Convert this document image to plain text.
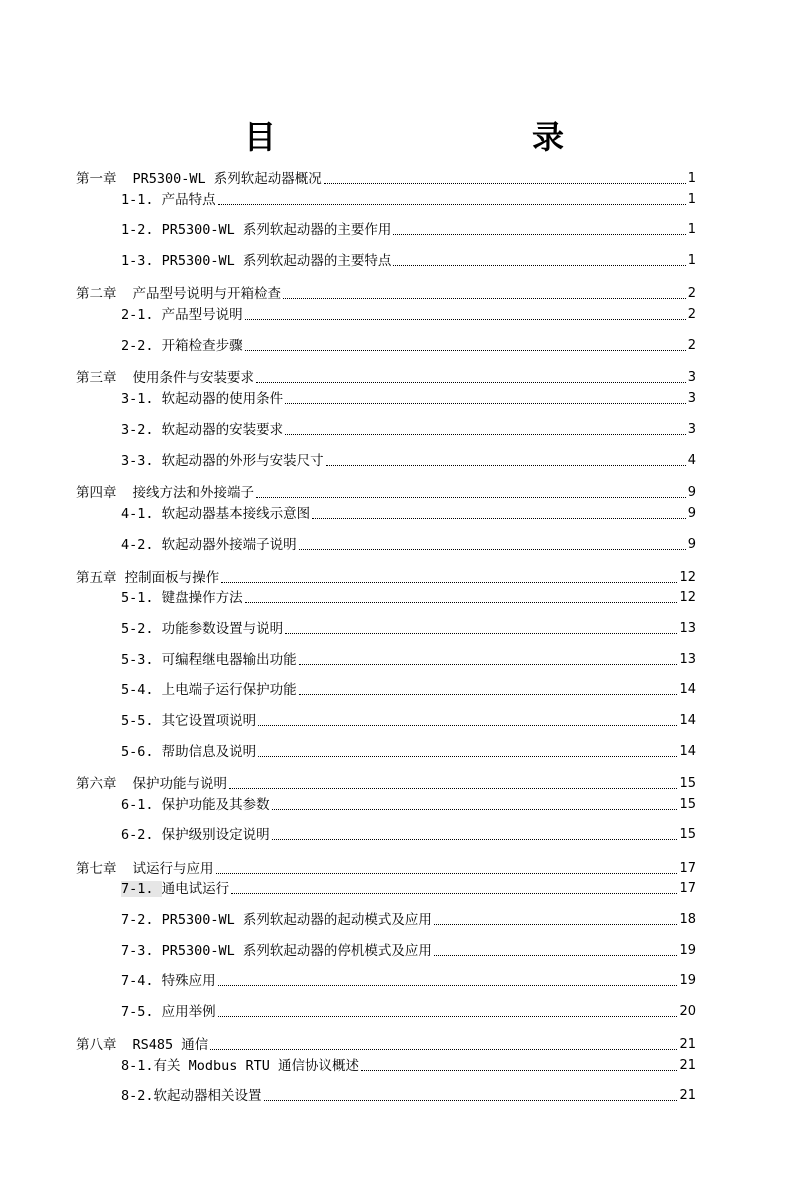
目　　录
第一章 PR5300-WL 系列软起动器概况	1
1-1. 产品特点	1
1-2. PR5300-WL 系列软起动器的主要作用	1
1-3. PR5300-WL 系列软起动器的主要特点	1
第二章 产品型号说明与开箱检查	2
2-1. 产品型号说明	2
2-2. 开箱检查步骤	2
第三章 使用条件与安装要求	3
3-1. 软起动器的使用条件	3
3-2. 软起动器的安装要求	3
3-3. 软起动器的外形与安装尺寸	4
第四章 接线方法和外接端子	9
4-1. 软起动器基本接线示意图	9
4-2. 软起动器外接端子说明	9
第五章 控制面板与操作	12
5-1. 键盘操作方法	12
5-2. 功能参数设置与说明	13
5-3. 可编程继电器输出功能	13
5-4. 上电端子运行保护功能	14
5-5. 其它设置项说明	14
5-6. 帮助信息及说明	14
第六章 保护功能与说明	15
6-1. 保护功能及其参数	15
6-2. 保护级别设定说明	15
第七章 试运行与应用	17
7-1. 通电试运行	17
7-2. PR5300-WL 系列软起动器的起动模式及应用	18
7-3. PR5300-WL 系列软起动器的停机模式及应用	19
7-4. 特殊应用	19
7-5. 应用举例	20
第八章 RS485 通信	21
8-1.有关 Modbus RTU 通信协议概述	21
8-2.软起动器相关设置	21
